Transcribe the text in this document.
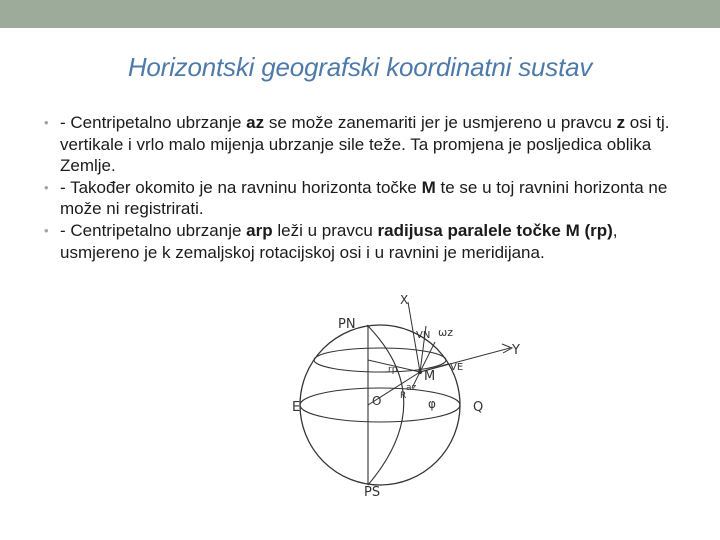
Horizontski geografski koordinatni sustav
• - Centripetalno ubrzanje az se može zanemariti jer je usmjereno u pravcu z osi tj. vertikale i vrlo malo mijenja ubrzanje sile teže. Ta promjena je posljedica oblika Zemlje.
• - Također okomito je na ravninu horizonta točke M te se u toj ravnini horizonta ne može ni registrirati.
• - Centripetalno ubrzanje arp leži u pravcu radijusa paralele točke M (rp), usmjereno je k zemaljskoj rotacijskoj osi i u ravnini je meridijana.
PN
PS
E	Q
O
M
X
Y
VN
VE
ωz
φ
az
rp
R
